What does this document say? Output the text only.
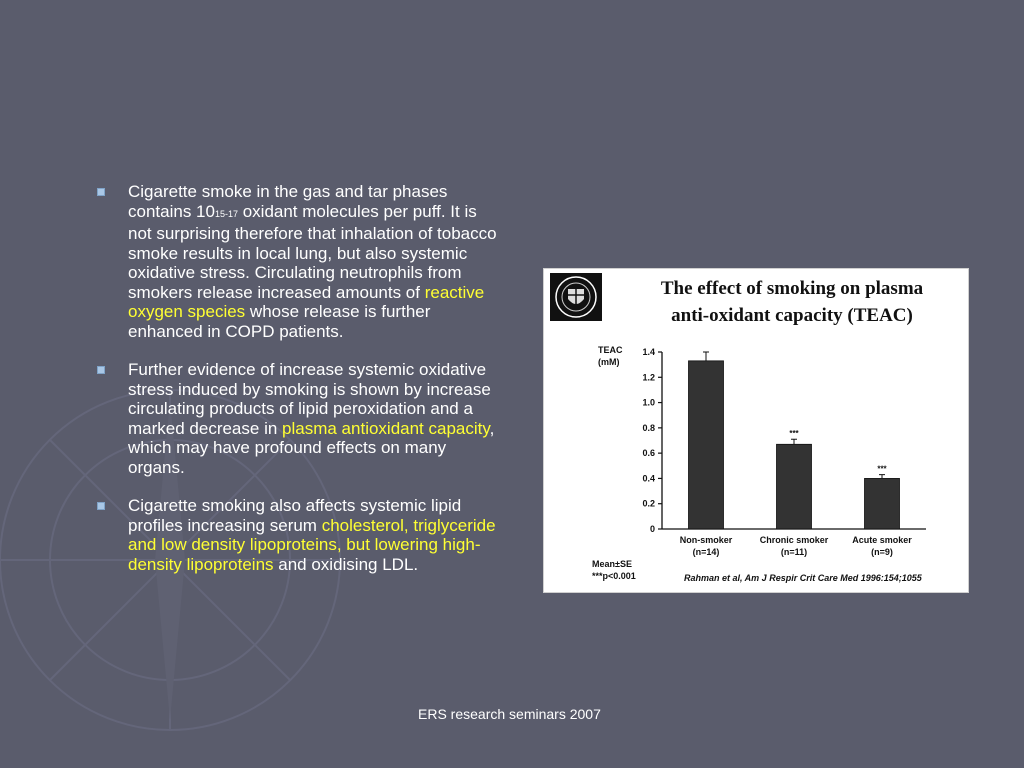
Cigarette smoke in the gas and tar phases contains 1015-17 oxidant molecules per puff. It is not surprising therefore that inhalation of tobacco smoke results in local lung, but also systemic oxidative stress. Circulating neutrophils from smokers release increased amounts of reactive oxygen species whose release is further enhanced in COPD patients.
Further evidence of increase systemic oxidative stress induced by smoking is shown by increase circulating products of lipid peroxidation and a marked decrease in plasma antioxidant capacity, which may have profound effects on many organs.
Cigarette smoking also affects systemic lipid profiles increasing serum cholesterol, triglyceride and low density lipoproteins, but lowering high-density lipoproteins and oxidising LDL.
The effect of smoking on plasma
anti-oxidant capacity (TEAC)
TEAC
(mM)
0
0.2
0.4
0.6
0.8
1.0
1.2
1.4
***
***
Non-smoker
(n=14)
Chronic smoker
(n=11)
Acute smoker
(n=9)
Mean±SE
***p<0.001	Rahman et al, Am J Respir Crit Care Med 1996:154;1055
ERS research seminars 2007
